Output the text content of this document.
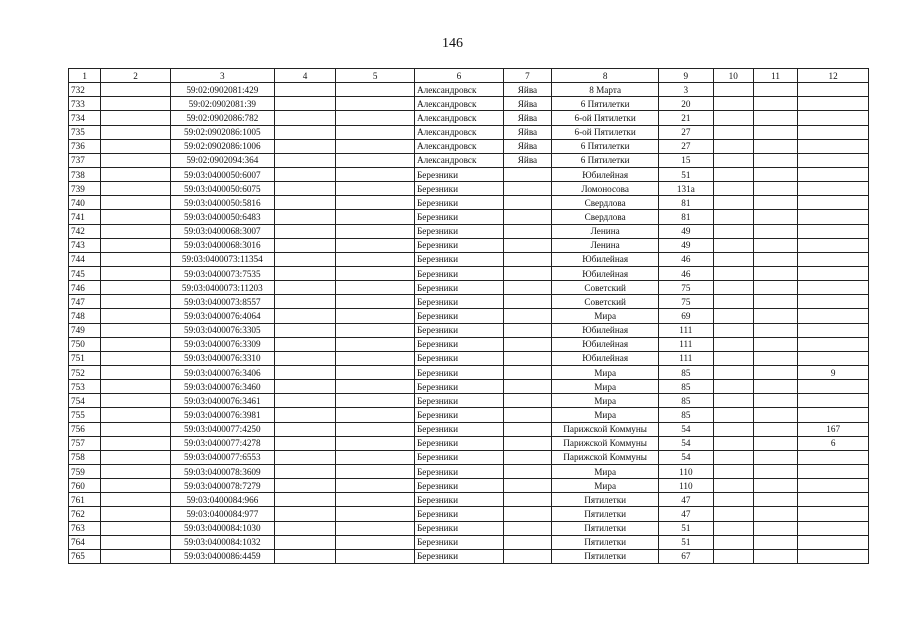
146
1	2	3	4	5	6	7	8	9	10	11	12
732		59:02:0902081:429			Александровск	Яйва	8 Марта	3			
733		59:02:0902081:39			Александровск	Яйва	6 Пятилетки	20			
734		59:02:0902086:782			Александровск	Яйва	6-ой Пятилетки	21			
735		59:02:0902086:1005			Александровск	Яйва	6-ой Пятилетки	27			
736		59:02:0902086:1006			Александровск	Яйва	6 Пятилетки	27			
737		59:02:0902094:364			Александровск	Яйва	6 Пятилетки	15			
738		59:03:0400050:6007			Березники		Юбилейная	51			
739		59:03:0400050:6075			Березники		Ломоносова	131а			
740		59:03:0400050:5816			Березники		Свердлова	81			
741		59:03:0400050:6483			Березники		Свердлова	81			
742		59:03:0400068:3007			Березники		Ленина	49			
743		59:03:0400068:3016			Березники		Ленина	49			
744		59:03:0400073:11354			Березники		Юбилейная	46			
745		59:03:0400073:7535			Березники		Юбилейная	46			
746		59:03:0400073:11203			Березники		Советский	75			
747		59:03:0400073:8557			Березники		Советский	75			
748		59:03:0400076:4064			Березники		Мира	69			
749		59:03:0400076:3305			Березники		Юбилейная	111			
750		59:03:0400076:3309			Березники		Юбилейная	111			
751		59:03:0400076:3310			Березники		Юбилейная	111			
752		59:03:0400076:3406			Березники		Мира	85			9
753		59:03:0400076:3460			Березники		Мира	85			
754		59:03:0400076:3461			Березники		Мира	85			
755		59:03:0400076:3981			Березники		Мира	85			
756		59:03:0400077:4250			Березники		Парижской Коммуны	54			167
757		59:03:0400077:4278			Березники		Парижской Коммуны	54			6
758		59:03:0400077:6553			Березники		Парижской Коммуны	54			
759		59:03:0400078:3609			Березники		Мира	110			
760		59:03:0400078:7279			Березники		Мира	110			
761		59:03:0400084:966			Березники		Пятилетки	47			
762		59:03:0400084:977			Березники		Пятилетки	47			
763		59:03:0400084:1030			Березники		Пятилетки	51			
764		59:03:0400084:1032			Березники		Пятилетки	51			
765		59:03:0400086:4459			Березники		Пятилетки	67			
